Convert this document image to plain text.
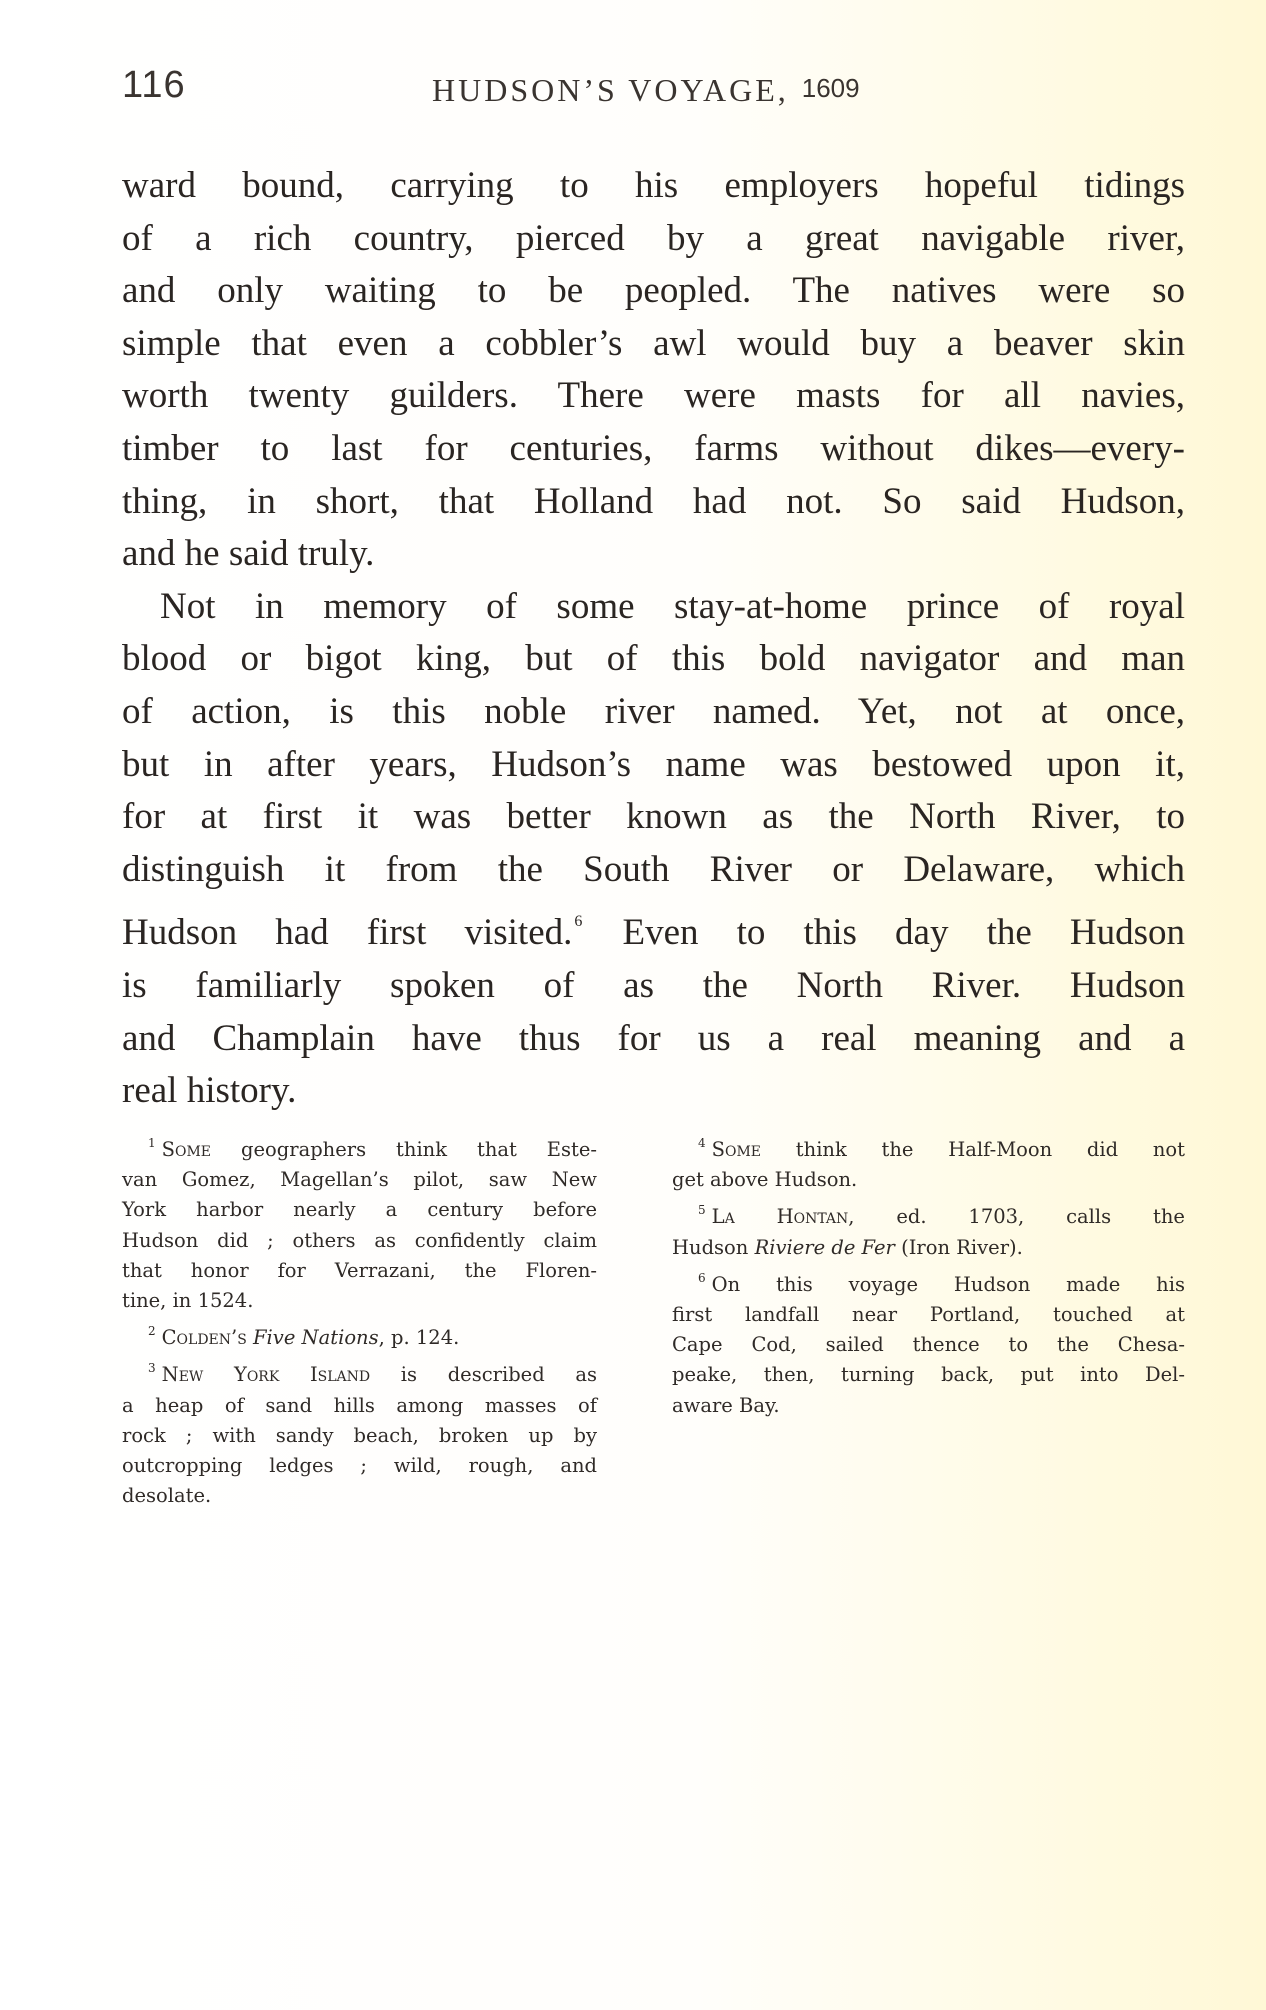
116	HUDSON’S VOYAGE, 1609

ward bound, carrying to his employers hopeful tidings
of a rich country, pierced by a great navigable river,
and only waiting to be peopled. The natives were so
simple that even a cobbler’s awl would buy a beaver skin
worth twenty guilders. There were masts for all navies,
timber to last for centuries, farms without dikes—every-
thing, in short, that Holland had not. So said Hudson,
and he said truly.

Not in memory of some stay-at-home prince of royal
blood or bigot king, but of this bold navigator and man
of action, is this noble river named. Yet, not at once,
but in after years, Hudson’s name was bestowed upon it,
for at first it was better known as the North River, to
distinguish it from the South River or Delaware, which
Hudson had first visited. $^6$ Even to this day the Hudson
is familiarly spoken of as the North River. Hudson
and Champlain have thus for us a real meaning and a
real history.

$^1$ Some geographers think that Este-
van Gomez, Magellan’s pilot, saw New
York harbor nearly a century before
Hudson did ; others as confidently claim
that honor for Verrazani, the Floren-
tine, in 1524.
$^2$ Colden’s Five Nations, p. 124.
$^3$ New York Island is described as
a heap of sand hills among masses of
rock ; with sandy beach, broken up by
outcropping ledges ; wild, rough, and
desolate.
$^4$ Some think the Half-Moon did not
get above Hudson.
$^5$ La Hontan, ed. 1703, calls the
Hudson Riviere de Fer (Iron River).
$^6$ On this voyage Hudson made his
first landfall near Portland, touched at
Cape Cod, sailed thence to the Chesa-
peake, then, turning back, put into Del-
aware Bay.
